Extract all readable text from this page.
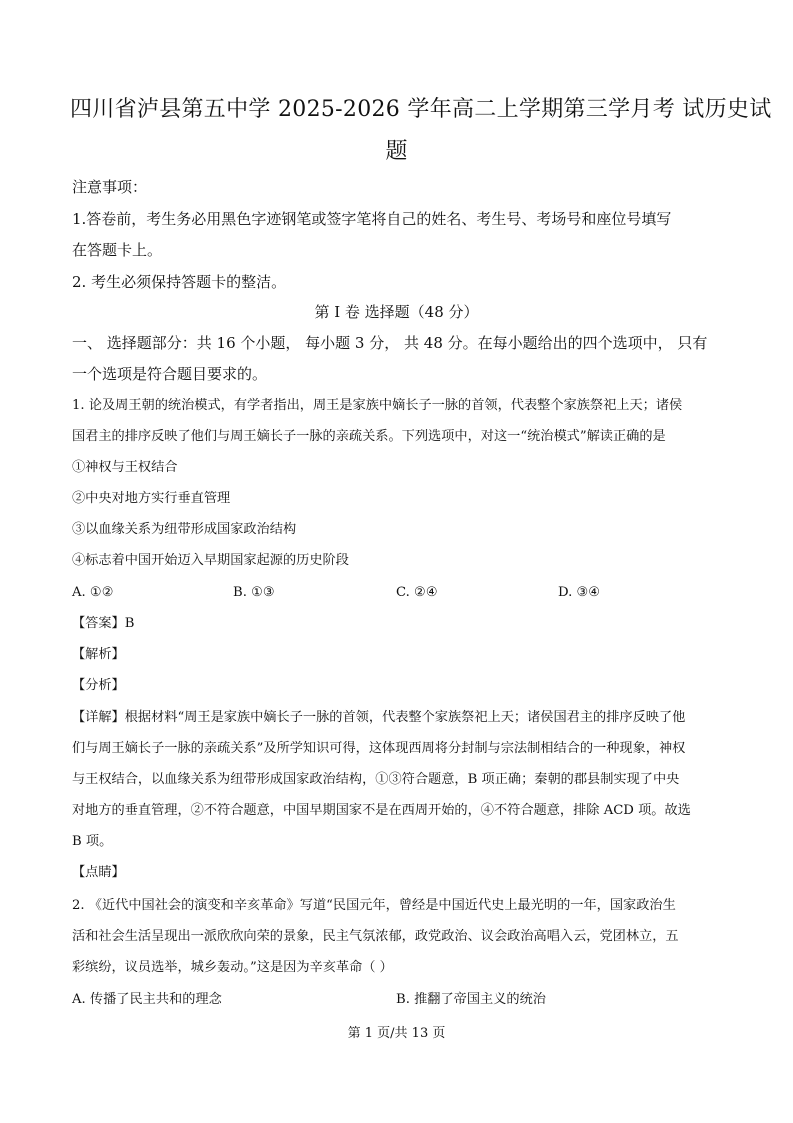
四川省泸县第五中学 2025-2026 学年高二上学期第三学月考 试历史试
题
注意事项：
1.答卷前，考生务必用黑色字迹钢笔或签字笔将自己的姓名、考生号、考场号和座位号填写
在答题卡上。
2. 考生必须保持答题卡的整洁。
第 I 卷 选择题（48 分）
一、 选择题部分：共 16 个小题， 每小题 3 分， 共 48 分。在每小题给出的四个选项中， 只有
一个选项是符合题目要求的。
1. 论及周王朝的统治模式，有学者指出，周王是家族中嫡长子一脉的首领，代表整个家族祭祀上天；诸侯
国君主的排序反映了他们与周王嫡长子一脉的亲疏关系。下列选项中，对这一“统治模式”解读正确的是
①神权与王权结合
②中央对地方实行垂直管理
③以血缘关系为纽带形成国家政治结构
④标志着中国开始迈入早期国家起源的历史阶段
A. ①②	B. ①③	C. ②④	D. ③④
【答案】B
【解析】
【分析】
【详解】根据材料“周王是家族中嫡长子一脉的首领，代表整个家族祭祀上天；诸侯国君主的排序反映了他
们与周王嫡长子一脉的亲疏关系”及所学知识可得，这体现西周将分封制与宗法制相结合的一种现象，神权
与王权结合，以血缘关系为纽带形成国家政治结构，①③符合题意，B 项正确；秦朝的郡县制实现了中央
对地方的垂直管理，②不符合题意，中国早期国家不是在西周开始的，④不符合题意，排除 ACD 项。故选
B 项。
【点睛】
2. 《近代中国社会的演变和辛亥革命》写道“民国元年，曾经是中国近代史上最光明的一年，国家政治生
活和社会生活呈现出一派欣欣向荣的景象，民主气氛浓郁，政党政治、议会政治高唱入云，党团林立，五
彩缤纷，议员选举，城乡轰动。”这是因为辛亥革命（ ）
A. 传播了民主共和的理念	B. 推翻了帝国主义的统治
第 1 页/共 13 页
